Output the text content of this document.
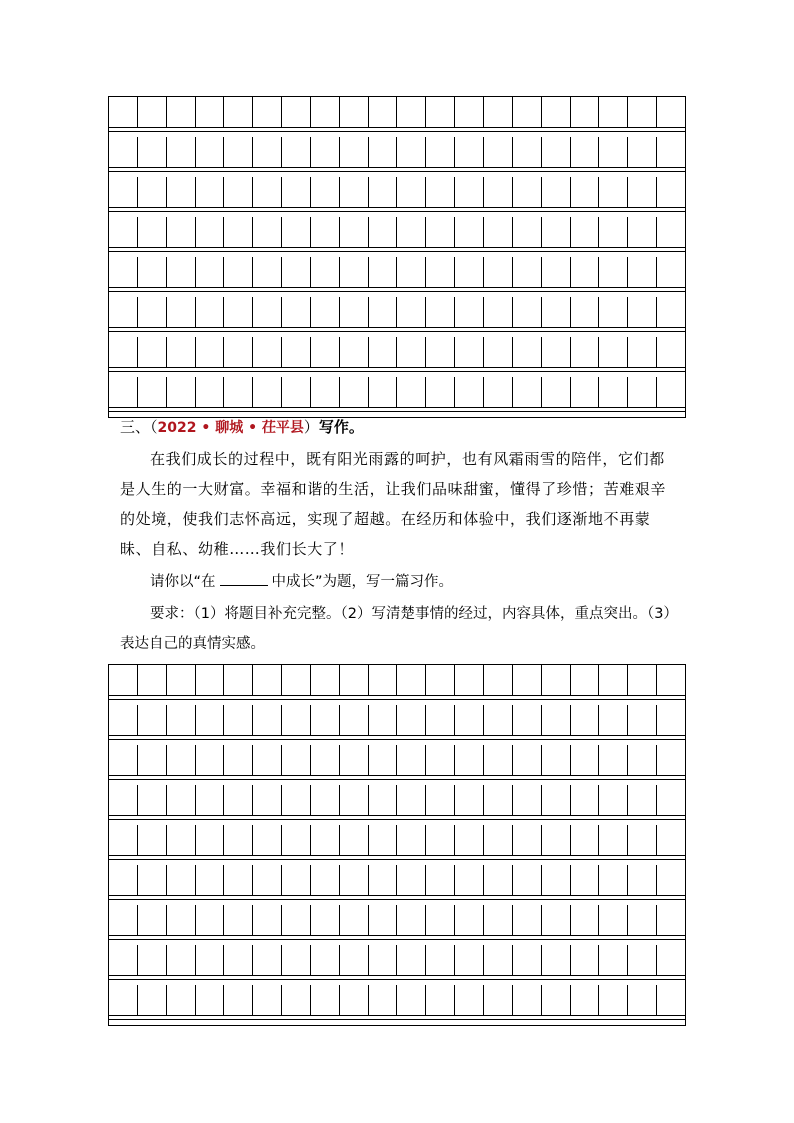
三、（2022 • 聊城 • 茌平县）写作。
在我们成长的过程中，既有阳光雨露的呵护，也有风霜雨雪的陪伴，它们都是人生的一大财富。幸福和谐的生活，让我们品味甜蜜，懂得了珍惜；苦难艰辛的处境，使我们志怀高远，实现了超越。在经历和体验中，我们逐渐地不再蒙昧、自私、幼稚……我们长大了！
请你以“在	中成长”为题，写一篇习作。
要求：（1）将题目补充完整。（2）写清楚事情的经过，内容具体，重点突出。（3）表达自己的真情实感。
